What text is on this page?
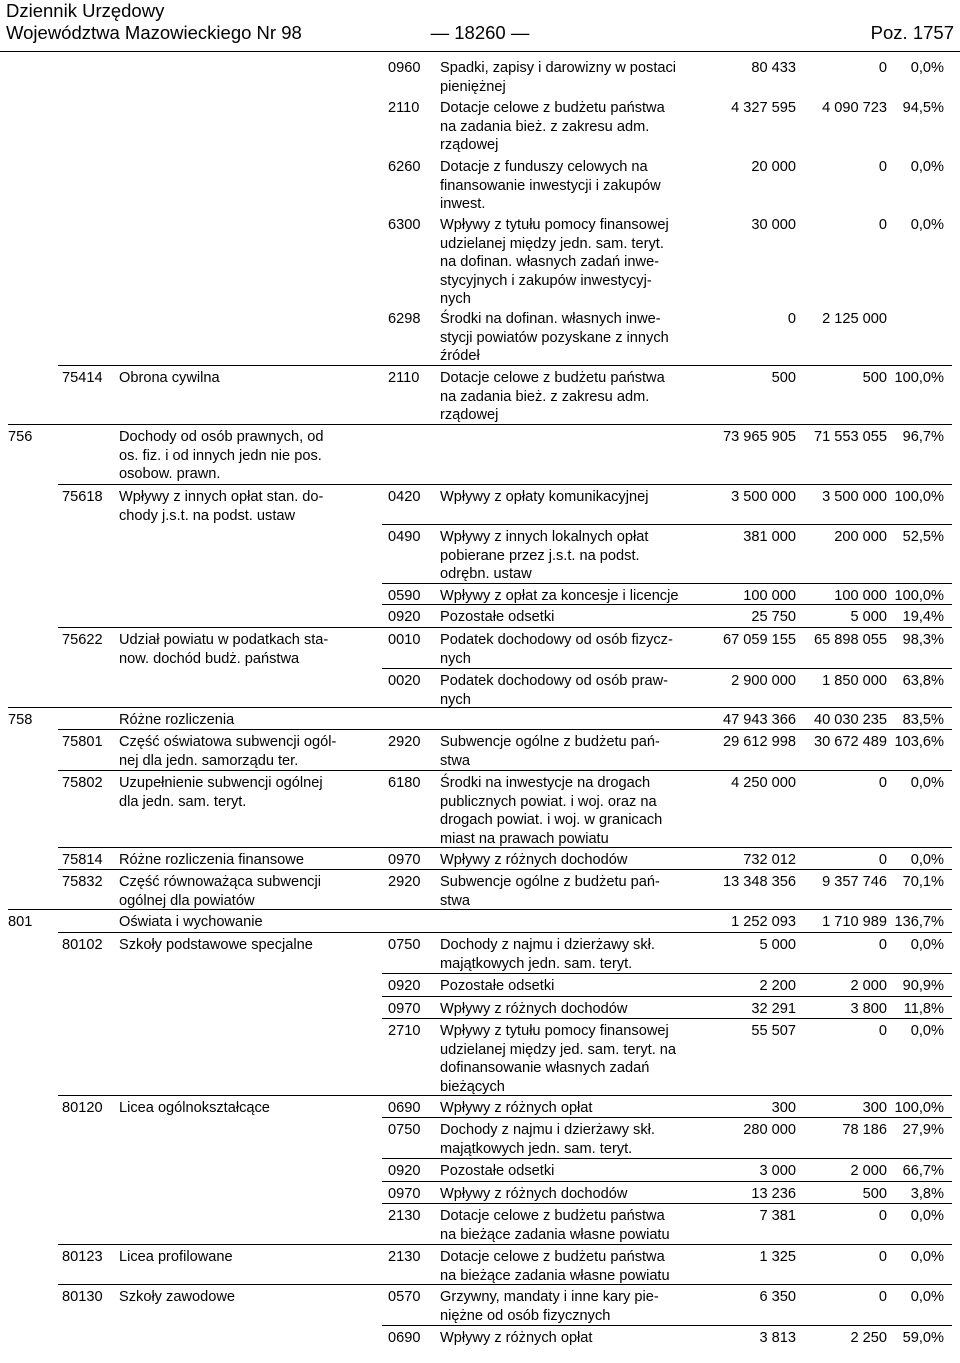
Dziennik Urzędowy
Województwa Mazowieckiego Nr 98	— 18260 —	Poz. 1757
0960 Spadki, zapisy i darowizny w postaci
pieniężnej
80 433	0	0,0%
2110 Dotacje celowe z budżetu państwa
na zadania bież. z zakresu adm.
rządowej
4 327 595	4 090 723	94,5%
6260 Dotacje z funduszy celowych na
finansowanie inwestycji i zakupów
inwest.
20 000	0	0,0%
6300 Wpływy z tytułu pomocy finansowej
udzielanej między jedn. sam. teryt.
na dofinan. własnych zadań inwe-
stycyjnych i zakupów inwestycyj-
nych
30 000	0	0,0%
6298 Środki na dofinan. własnych inwe-
stycji powiatów pozyskane z innych
źródeł
0	2 125 000
75414 Obrona cywilna	2110 Dotacje celowe z budżetu państwa
na zadania bież. z zakresu adm.
rządowej
500	500 100,0%
756	Dochody od osób prawnych, od
os. fiz. i od innych jedn nie pos.
osobow. prawn.
73 965 905	71 553 055	96,7%
75618 Wpływy z innych opłat stan. do-
chody j.s.t. na podst. ustaw
0420 Wpływy z opłaty komunikacyjnej	3 500 000	3 500 000 100,0%
0490 Wpływy z innych lokalnych opłat
pobierane przez j.s.t. na podst.
odrębn. ustaw
381 000	200 000	52,5%
0590 Wpływy z opłat za koncesje i licencje	100 000	100 000 100,0%
0920 Pozostałe odsetki	25 750	5 000	19,4%
75622 Udział powiatu w podatkach sta-
now. dochód budż. państwa
0010 Podatek dochodowy od osób fizycz-
nych
67 059 155	65 898 055	98,3%
0020 Podatek dochodowy od osób praw-
nych
2 900 000	1 850 000	63,8%
758	Różne rozliczenia	47 943 366	40 030 235	83,5%
75801 Część oświatowa subwencji ogól-
nej dla jedn. samorządu ter.
2920 Subwencje ogólne z budżetu pań-
stwa
29 612 998	30 672 489 103,6%
75802 Uzupełnienie subwencji ogólnej
dla jedn. sam. teryt.
6180 Środki na inwestycje na drogach
publicznych powiat. i woj. oraz na
drogach powiat. i woj. w granicach
miast na prawach powiatu
4 250 000	0	0,0%
75814 Różne rozliczenia finansowe	0970 Wpływy z różnych dochodów	732 012	0	0,0%
75832 Część równoważąca subwencji
ogólnej dla powiatów
2920 Subwencje ogólne z budżetu pań-
stwa
13 348 356	9 357 746	70,1%
801	Oświata i wychowanie	1 252 093	1 710 989 136,7%
80102 Szkoły podstawowe specjalne	0750 Dochody z najmu i dzierżawy skł.
majątkowych jedn. sam. teryt.
5 000	0	0,0%
0920 Pozostałe odsetki	2 200	2 000	90,9%
0970 Wpływy z różnych dochodów	32 291	3 800	11,8%
2710 Wpływy z tytułu pomocy finansowej
udzielanej między jed. sam. teryt. na
dofinansowanie własnych zadań
bieżących
55 507	0	0,0%
80120 Licea ogólnokształcące	0690 Wpływy z różnych opłat	300	300 100,0%
0750 Dochody z najmu i dzierżawy skł.
majątkowych jedn. sam. teryt.
280 000	78 186	27,9%
0920 Pozostałe odsetki	3 000	2 000	66,7%
0970 Wpływy z różnych dochodów	13 236	500	3,8%
2130 Dotacje celowe z budżetu państwa
na bieżące zadania własne powiatu
7 381	0	0,0%
80123 Licea profilowane	2130 Dotacje celowe z budżetu państwa
na bieżące zadania własne powiatu
1 325	0	0,0%
80130 Szkoły zawodowe	0570 Grzywny, mandaty i inne kary pie-
niężne od osób fizycznych
6 350	0	0,0%
0690 Wpływy z różnych opłat	3 813	2 250	59,0%
